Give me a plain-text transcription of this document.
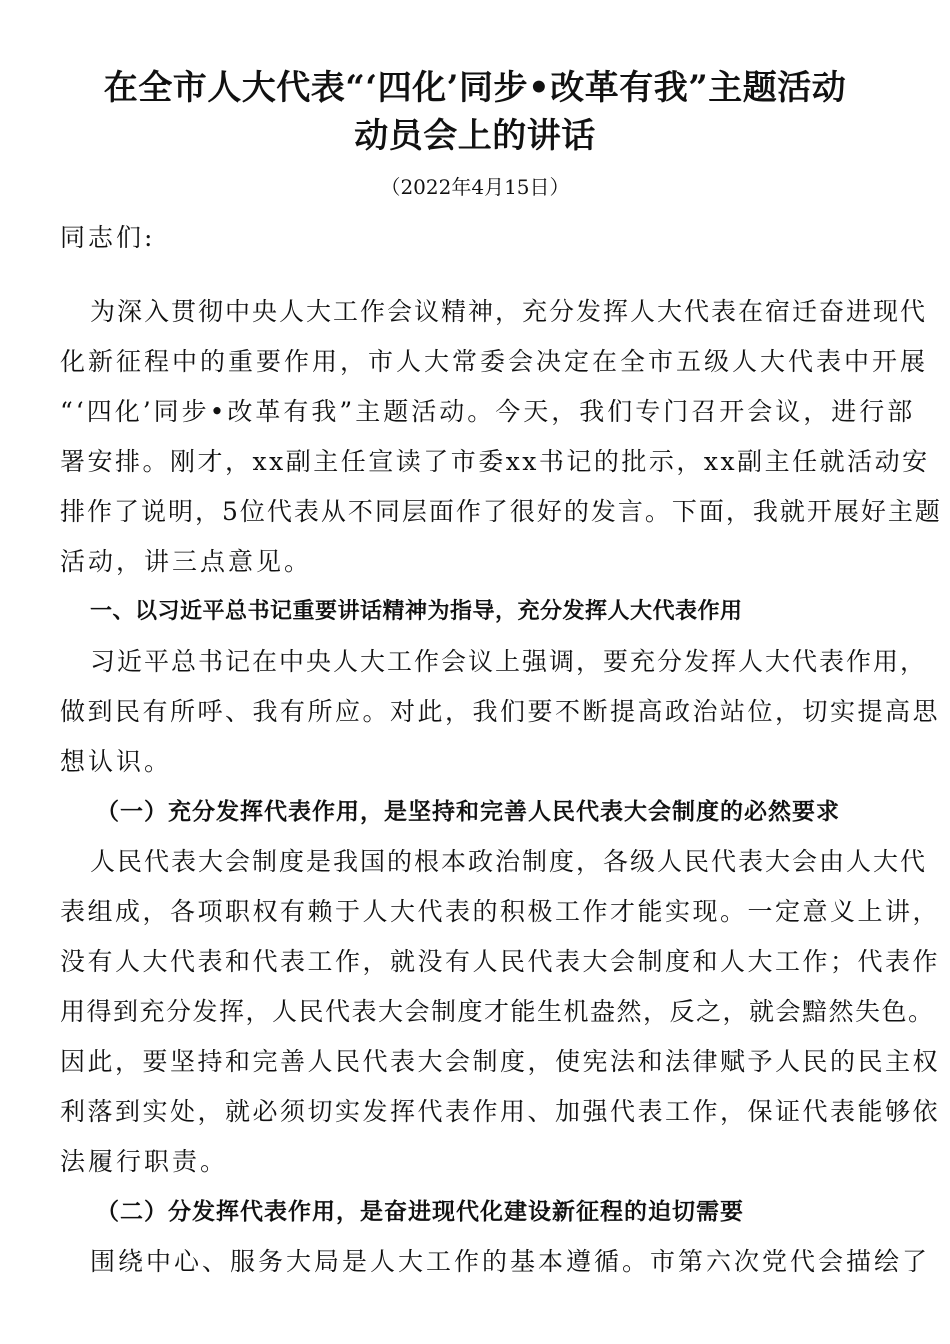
在全市人大代表“‘四化’同步•改革有我”主题活动
动员会上的讲话
（2022年4月15日）
同志们:
为深入贯彻中央人大工作会议精神，充分发挥人大代表在宿迁奋进现代
化新征程中的重要作用，市人大常委会决定在全市五级人大代表中开展
“‘四化’同步•改革有我”主题活动。今天，我们专门召开会议，进行部
署安排。刚才，xx副主任宣读了市委xx书记的批示，xx副主任就活动安
排作了说明，5位代表从不同层面作了很好的发言。下面，我就开展好主题
活动，讲三点意见。
一、以习近平总书记重要讲话精神为指导，充分发挥人大代表作用
习近平总书记在中央人大工作会议上强调，要充分发挥人大代表作用，
做到民有所呼、我有所应。对此，我们要不断提高政治站位，切实提高思
想认识。
（一）充分发挥代表作用，是坚持和完善人民代表大会制度的必然要求
人民代表大会制度是我国的根本政治制度，各级人民代表大会由人大代
表组成，各项职权有赖于人大代表的积极工作才能实现。一定意义上讲，
没有人大代表和代表工作，就没有人民代表大会制度和人大工作；代表作
用得到充分发挥，人民代表大会制度才能生机盎然，反之，就会黯然失色。
因此，要坚持和完善人民代表大会制度，使宪法和法律赋予人民的民主权
利落到实处，就必须切实发挥代表作用、加强代表工作，保证代表能够依
法履行职责。
（二）分发挥代表作用，是奋进现代化建设新征程的迫切需要
围绕中心、服务大局是人大工作的基本遵循。市第六次党代会描绘了
